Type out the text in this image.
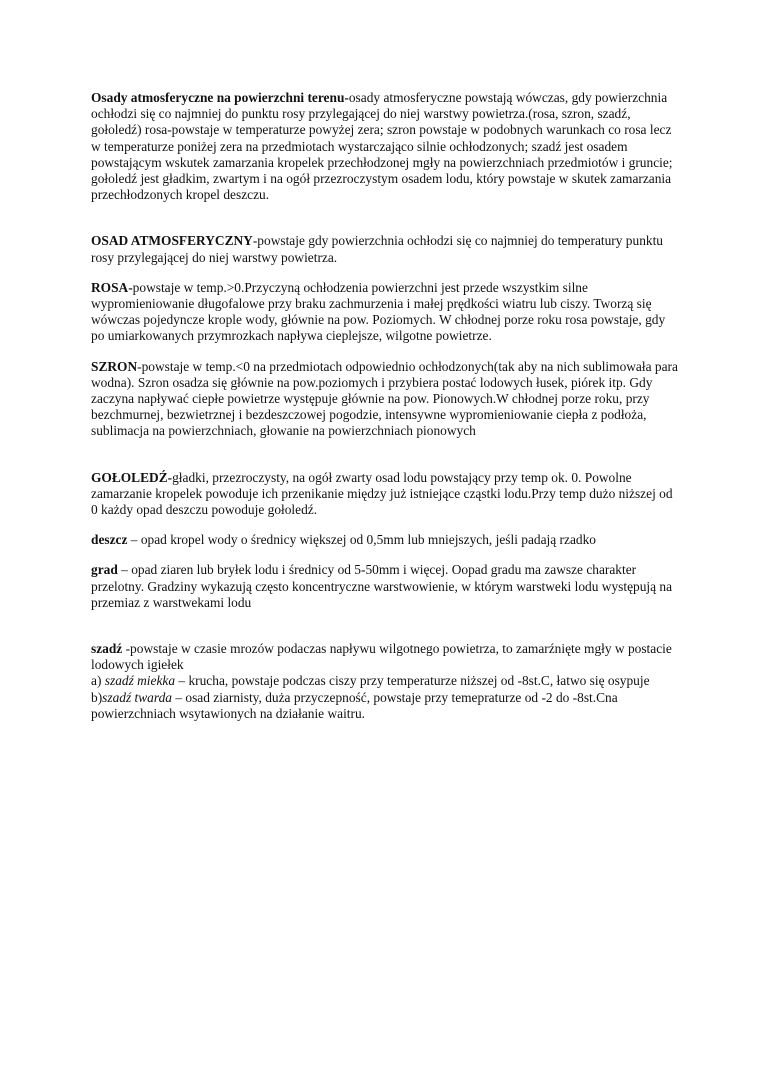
Osady atmosferyczne na powierzchni terenu-osady atmosferyczne powstają wówczas, gdy powierzchnia ochłodzi się co najmniej do punktu rosy przylegającej do niej warstwy powietrza.(rosa, szron, szadź, gołoledź) rosa-powstaje w temperaturze powyżej zera; szron powstaje w podobnych warunkach co rosa lecz w temperaturze poniżej zera na przedmiotach wystarczająco silnie ochłodzonych; szadź jest osadem powstającym wskutek zamarzania kropelek przechłodzonej mgły na powierzchniach przedmiotów i gruncie; gołoledź jest gładkim, zwartym i na ogół przezroczystym osadem lodu, który powstaje w skutek zamarzania przechłodzonych kropel deszczu.

OSAD ATMOSFERYCZNY-powstaje gdy powierzchnia ochłodzi się co najmniej do temperatury punktu rosy przylegającej do niej warstwy powietrza.

ROSA-powstaje w temp.>0.Przyczyną ochłodzenia powierzchni jest przede wszystkim silne wypromieniowanie długofalowe przy braku zachmurzenia i małej prędkości wiatru lub ciszy. Tworzą się wówczas pojedyncze krople wody, głównie na pow. Poziomych. W chłodnej porze roku rosa powstaje, gdy po umiarkowanych przymrozkach napływa cieplejsze, wilgotne powietrze.

SZRON-powstaje w temp.<0 na przedmiotach odpowiednio ochłodzonych(tak aby na nich sublimowała para wodna). Szron osadza się głównie na pow.poziomych i przybiera postać lodowych łusek, piórek itp. Gdy zaczyna napływać ciepłe powietrze występuje głównie na pow. Pionowych.W chłodnej porze roku, przy bezchmurnej, bezwietrznej i bezdeszczowej pogodzie, intensywne wypromieniowanie ciepła z podłoża, sublimacja na powierzchniach, głowanie na powierzchniach pionowych

GOŁOLEDŹ-gładki, przezroczysty, na ogół zwarty osad lodu powstający przy temp ok. 0. Powolne zamarzanie kropelek powoduje ich przenikanie między już istniejące cząstki lodu.Przy temp dużo niższej od 0 każdy opad deszczu powoduje gołoledź.

deszcz – opad kropel wody o średnicy większej od 0,5mm lub mniejszych, jeśli padają rzadko

grad – opad ziaren lub bryłek lodu i średnicy od 5-50mm i więcej. Oopad gradu ma zawsze charakter przelotny. Gradziny wykazują często koncentryczne warstwowienie, w którym warstweki lodu występują na przemiaz z warstwekami lodu

szadź -powstaje w czasie mrozów podaczas napływu wilgotnego powietrza, to zamarźnięte mgły w postacie lodowych igiełek
a) szadź miekka – krucha, powstaje podczas ciszy przy temperaturze niższej od -8st.C, łatwo się osypuje
b)szadź twarda – osad ziarnisty, duża przyczepność, powstaje przy temepraturze od -2 do -8st.Cna powierzchniach wsytawionych na działanie waitru.
